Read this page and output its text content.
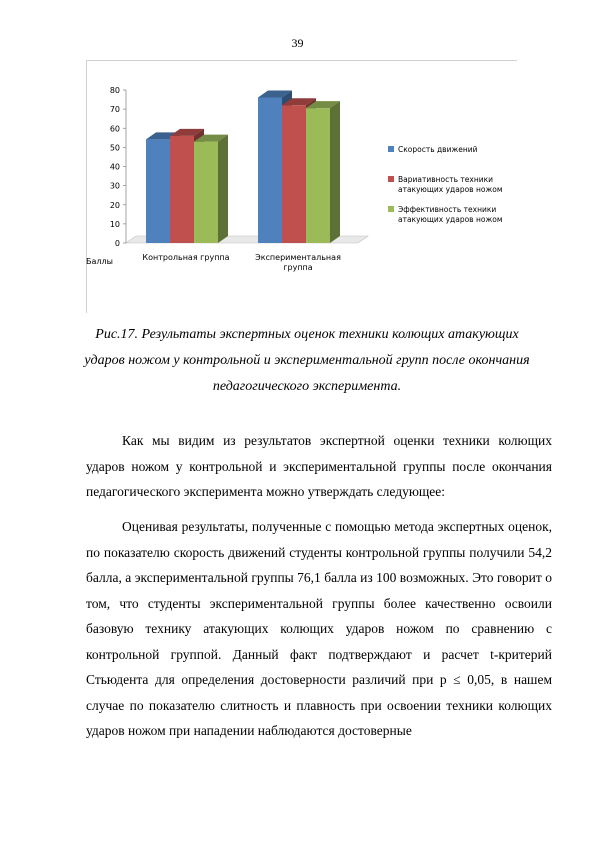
39
0
10
20
30
40
50
60
70
80
Контрольная группа	Экспериментальная
группа
Баллы
Скорость движений
Вариативность техники
атакующих ударов ножом
Эффективность техники
атакующих ударов ножом
Рис.17. Результаты экспертных оценок техники колющих атакующих
ударов ножом у контрольной и экспериментальной групп после окончания
педагогического эксперимента.

Как мы видим из результатов экспертной оценки техники колющих ударов ножом у контрольной и экспериментальной группы после окончания педагогического эксперимента можно утверждать следующее:

Оценивая результаты, полученные с помощью метода экспертных оценок, по показателю скорость движений студенты контрольной группы получили 54,2 балла, а экспериментальной группы 76,1 балла из 100 возможных. Это говорит о том, что студенты экспериментальной группы более качественно освоили базовую технику атакующих колющих ударов ножом по сравнению с контрольной группой. Данный факт подтверждают и расчет t-критерий Стьюдента для определения достоверности различий при р ≤ 0,05, в нашем случае по показателю слитность и плавность при освоении техники колющих ударов ножом при нападении наблюдаются достоверные
